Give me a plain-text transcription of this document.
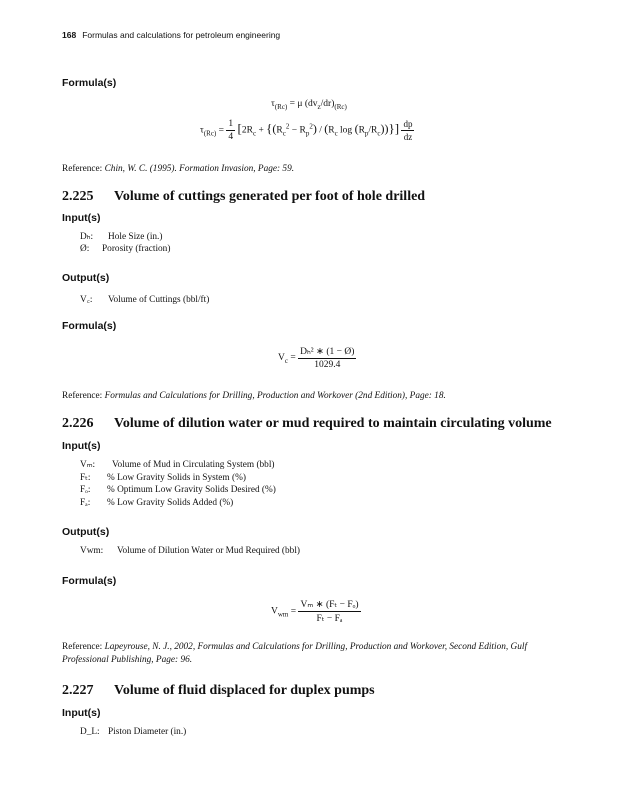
168 Formulas and calculations for petroleum engineering
Formula(s)
$\tau_{(Rc)} = \mu$ $(dv_z/dr)_{(Rc)}$
$\tau_{(Rc)} = \frac{1}{4} [2R_c + \{(R_c^2 - R_p^2) / (R_c$ $\log (R_p/R_c))\}] \frac{dp}{dz}$
Reference: Chin, W. C. (1995). Formation Invasion, Page: 59.
2.225 Volume of cuttings generated per foot of hole drilled
Input(s)
Dₕ: Hole Size (in.)
Ø: Porosity (fraction)
Output(s)
V꜀: Volume of Cuttings (bbl/ft)
Formula(s)
$V_c = \frac{\text{Dₕ² ∗ (1 − Ø)}}{1029.4}$
Reference: Formulas and Calculations for Drilling, Production and Workover (2nd Edition), Page: 18.
2.226 Volume of dilution water or mud required to maintain circulating volume
Input(s)
Vₘ: Volume of Mud in Circulating System (bbl)
Fₜ: % Low Gravity Solids in System (%)
Fₒ: % Optimum Low Gravity Solids Desired (%)
Fₐ: % Low Gravity Solids Added (%)
Output(s)
Vwm: Volume of Dilution Water or Mud Required (bbl)
Formula(s)
$V_{wm} = \frac{\text{Vₘ ∗ (Fₜ − Fₒ)}}{\text{Fₜ − Fₐ}}$
Reference: Lapeyrouse, N. J., 2002, Formulas and Calculations for Drilling, Production and Workover, Second Edition, Gulf Professional Publishing, Page: 96.
2.227 Volume of fluid displaced for duplex pumps
Input(s)
D_L: Piston Diameter (in.)
